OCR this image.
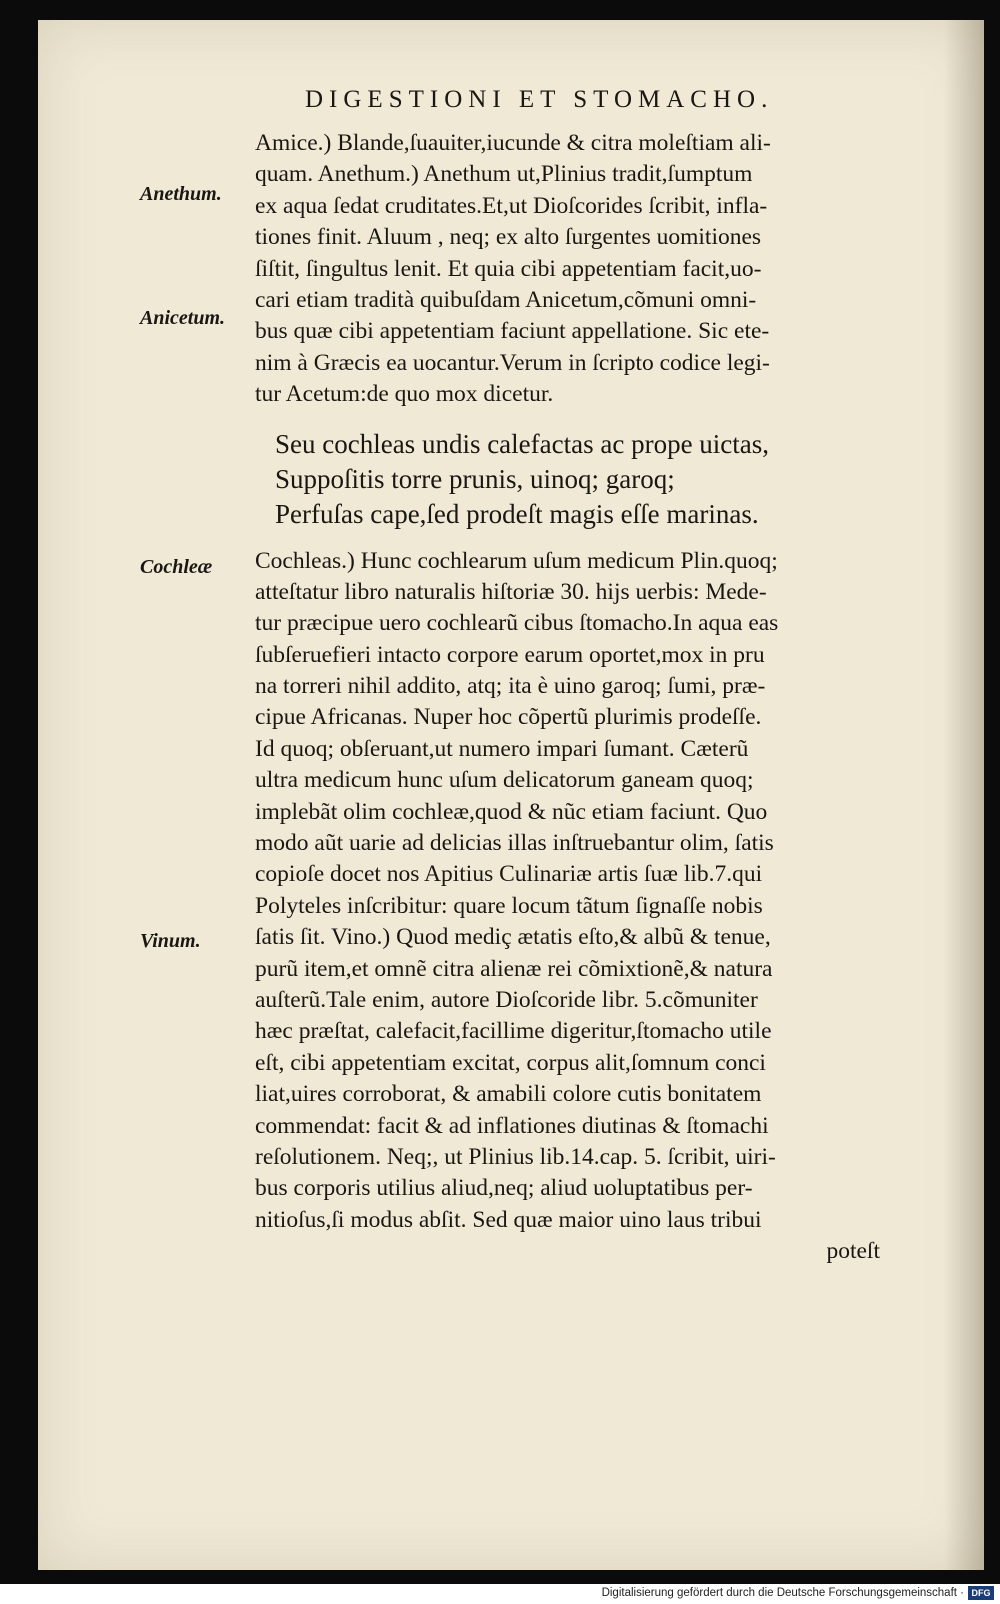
DIGESTIONI ET STOMACHO.
Anethum.
Anicetum.
Cochleæ
Vinum.
Amice.) Blande,ſuauiter,iucunde & citra moleſtiam ali-
quam. Anethum.) Anethum ut,Plinius tradit,ſumptum
ex aqua ſedat cruditates.Et,ut Dioſcorides ſcribit, infla-
tiones finit. Aluum , neq; ex alto ſurgentes uomitiones
ſiſtit, ſingultus lenit. Et quia cibi appetentiam facit,uo-
cari etiam tradità quibuſdam Anicetum,cõmuni omni-
bus quæ cibi appetentiam faciunt appellatione. Sic ete-
nim à Græcis ea uocantur.Verum in ſcripto codice legi-
tur Acetum:de quo mox dicetur.
Seu cochleas undis calefactas ac prope uictas,
Suppoſitis torre prunis, uinoq; garoq;
Perfuſas cape,ſed prodeſt magis eſſe marinas.
Cochleas.) Hunc cochlearum uſum medicum Plin.quoq;
atteſtatur libro naturalis hiſtoriæ 30. hijs uerbis: Mede-
tur præcipue uero cochlearũ cibus ſtomacho.In aqua eas
ſubſeruefieri intacto corpore earum oportet,mox in pru
na torreri nihil addito, atq; ita è uino garoq; ſumi, præ-
cipue Africanas. Nuper hoc cõpertũ plurimis prodeſſe.
Id quoq; obſeruant,ut numero impari ſumant. Cæterũ
ultra medicum hunc uſum delicatorum ganeam quoq;
implebãt olim cochleæ,quod & nũc etiam faciunt. Quo
modo aũt uarie ad delicias illas inſtruebantur olim, ſatis
copioſe docet nos Apitius Culinariæ artis ſuæ lib.7.qui
Polyteles inſcribitur: quare locum tãtum ſignaſſe nobis
ſatis ſit. Vino.) Quod mediç ætatis eſto,& albũ & tenue,
purũ item,et omnẽ citra alienæ rei cõmixtionẽ,& natura
auſterũ.Tale enim, autore Dioſcoride libr. 5.cõmuniter
hæc præſtat, calefacit,facillime digeritur,ſtomacho utile
eſt, cibi appetentiam excitat, corpus alit,ſomnum conci
liat,uires corroborat, & amabili colore cutis bonitatem
commendat: facit & ad inflationes diutinas & ſtomachi
reſolutionem. Neq;, ut Plinius lib.14.cap. 5. ſcribit, uiri-
bus corporis utilius aliud,neq; aliud uoluptatibus per-
nitioſus,ſi modus abſit. Sed quæ maior uino laus tribui
poteſt
Digitalisierung gefördert durch die Deutsche Forschungsgemeinschaft · DFG
